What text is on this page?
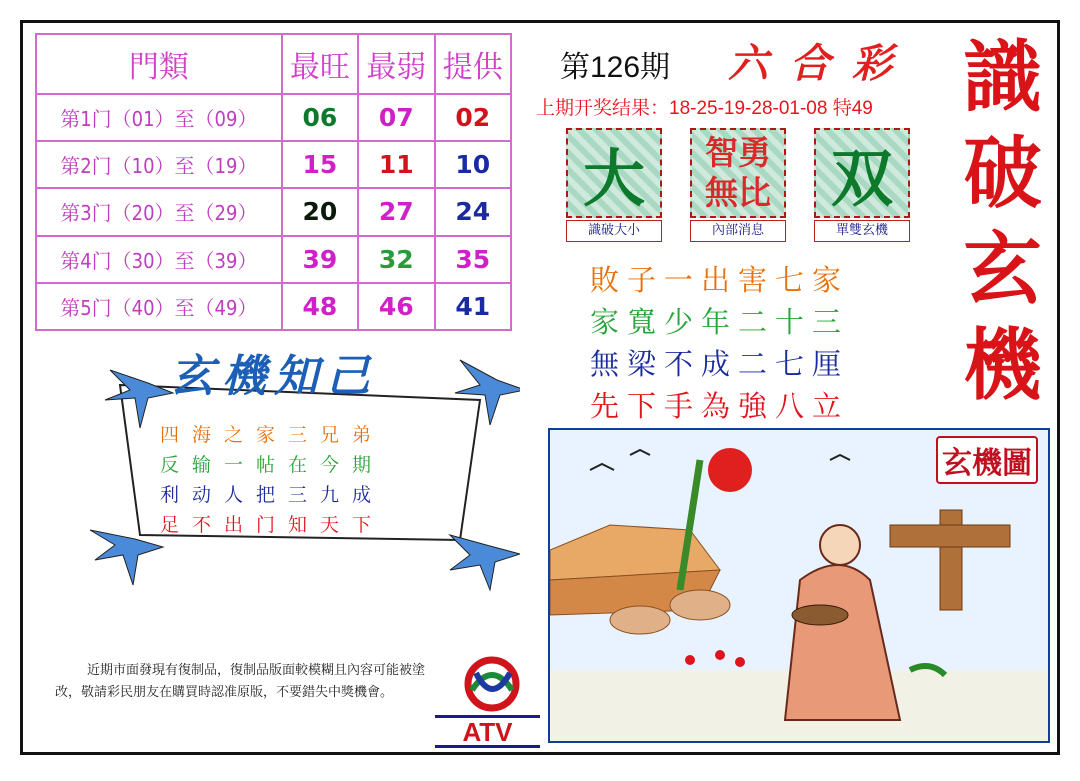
門類	最旺	最弱	提供
第1门（01）至（09）	06	07	02
第2门（10）至（19）	15	11	10
第3门（20）至（29）	20	27	24
第4门（30）至（39）	39	32	35
第5门（40）至（49）	48	46	41
第126期 六合彩
上期开奖结果：18-25-19-28-01-08 特49 識
破
玄
機
大
識破大小
智 勇
無 比
內部消息
双
單雙玄機
敗子一出害七家
家寬少年二十三
無梁不成二七厘
先下手為強八立
玄機知己
四海之家三兄弟
反输一帖在今期
利动人把三九成
足不出门知天下
近期市面發現有復制品，復制品版面較模糊且內容可能被塗
改，敬請彩民朋友在購買時認准原版，不要錯失中獎機會。
ATV
玄機圖
